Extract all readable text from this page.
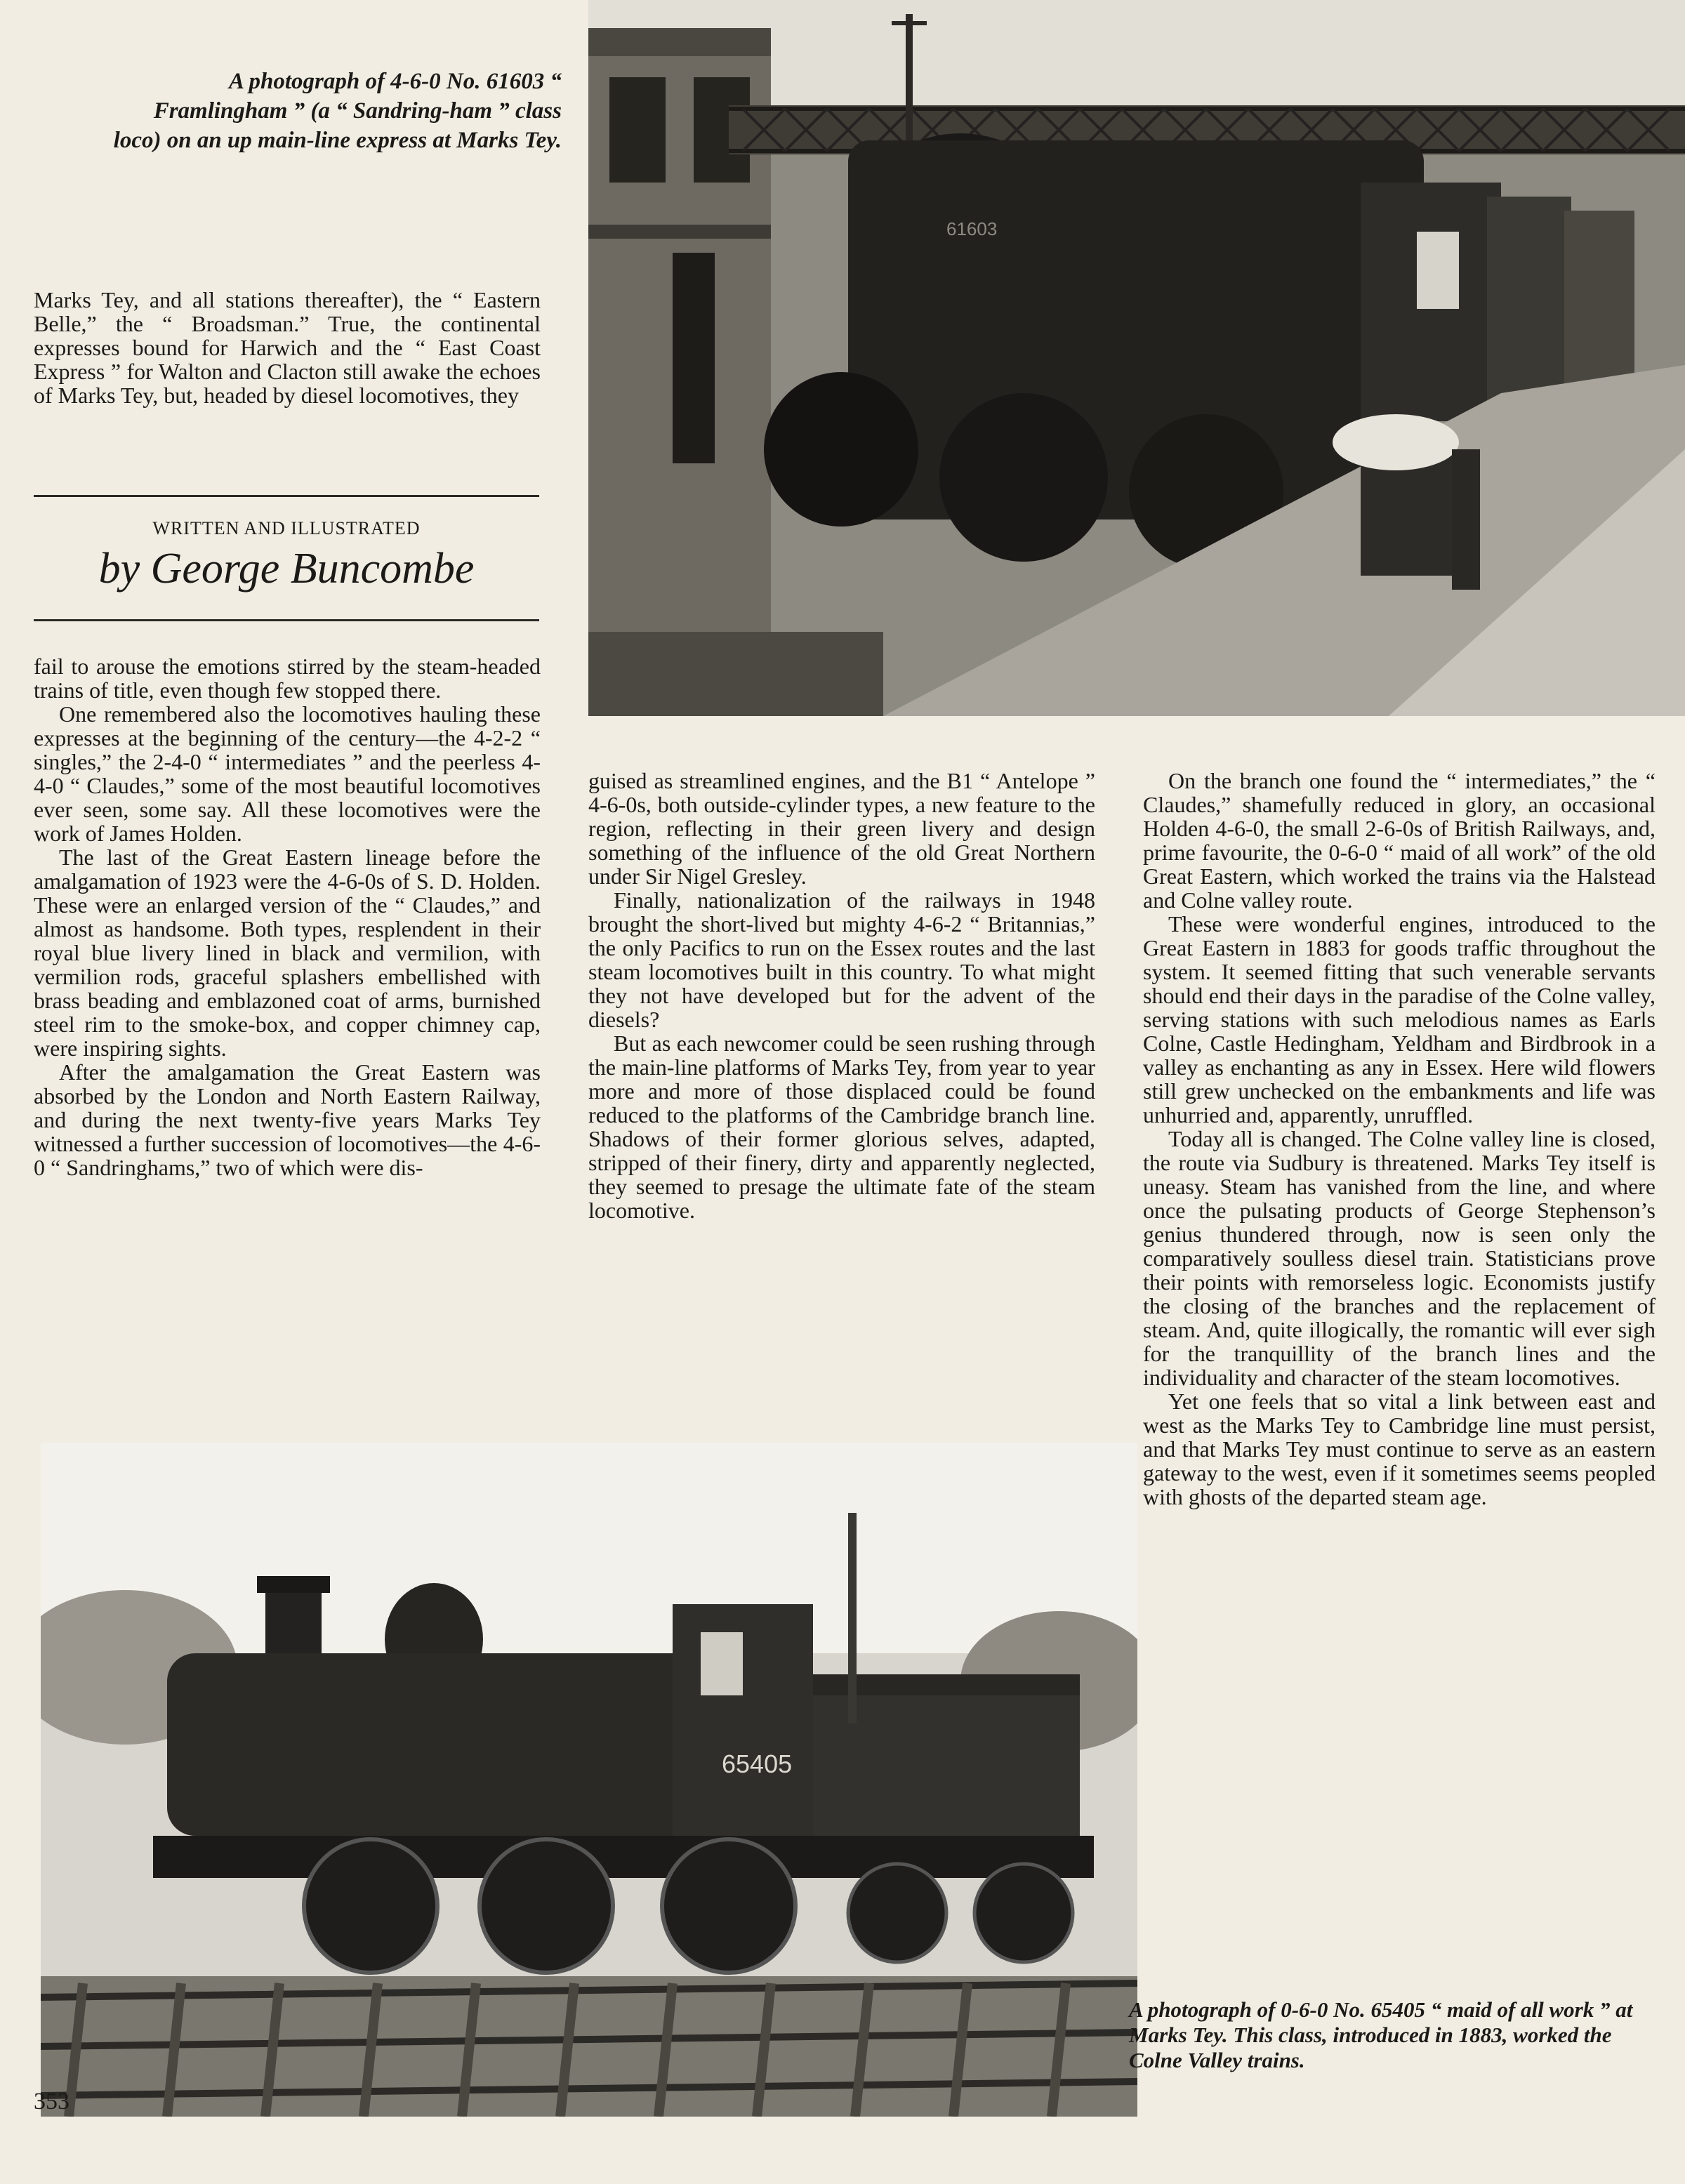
61603
A photograph of 4-6-0 No. 61603 “ Framlingham ” (a “ Sandring-ham ” class loco) on an up main-line express at Marks Tey.

Marks Tey, and all stations thereafter), the “ Eastern Belle,” the “ Broadsman.” True, the continental expresses bound for Harwich and the “ East Coast Express ” for Walton and Clacton still awake the echoes of Marks Tey, but, headed by diesel locomotives, they

WRITTEN AND ILLUSTRATED
by George Buncombe

fail to arouse the emotions stirred by the steam-headed trains of title, even though few stopped there.

One remembered also the locomotives hauling these expresses at the beginning of the century—the 4-2-2 “ singles,” the 2-4-0 “ intermediates ” and the peerless 4-4-0 “ Claudes,” some of the most beautiful locomotives ever seen, some say. All these locomotives were the work of James Holden.

The last of the Great Eastern lineage before the amalgamation of 1923 were the 4-6-0s of S. D. Holden. These were an enlarged version of the “ Claudes,” and almost as handsome. Both types, resplendent in their royal blue livery lined in black and vermilion, with vermilion rods, graceful splashers embellished with brass beading and emblazoned coat of arms, burnished steel rim to the smoke-box, and copper chimney cap, were inspiring sights.

After the amalgamation the Great Eastern was absorbed by the London and North Eastern Railway, and during the next twenty-five years Marks Tey witnessed a further succession of locomotives—the 4-6-0 “ Sandringhams,” two of which were dis-

guised as streamlined engines, and the B1 “ Antelope ” 4-6-0s, both outside-cylinder types, a new feature to the region, reflecting in their green livery and design something of the influence of the old Great Northern under Sir Nigel Gresley.

Finally, nationalization of the railways in 1948 brought the short-lived but mighty 4-6-2 “ Britannias,” the only Pacifics to run on the Essex routes and the last steam locomotives built in this country. To what might they not have developed but for the advent of the diesels?

But as each newcomer could be seen rushing through the main-line platforms of Marks Tey, from year to year more and more of those displaced could be found reduced to the platforms of the Cambridge branch line. Shadows of their former glorious selves, adapted, stripped of their finery, dirty and apparently neglected, they seemed to presage the ultimate fate of the steam locomotive.

On the branch one found the “ intermediates,” the “ Claudes,” shamefully reduced in glory, an occasional Holden 4-6-0, the small 2-6-0s of British Railways, and, prime favourite, the 0-6-0 “ maid of all work” of the old Great Eastern, which worked the trains via the Halstead and Colne valley route.

These were wonderful engines, introduced to the Great Eastern in 1883 for goods traffic throughout the system. It seemed fitting that such venerable servants should end their days in the paradise of the Colne valley, serving stations with such melodious names as Earls Colne, Castle Hedingham, Yeldham and Birdbrook in a valley as enchanting as any in Essex. Here wild flowers still grew unchecked on the embankments and life was unhurried and, apparently, unruffled.

Today all is changed. The Colne valley line is closed, the route via Sudbury is threatened. Marks Tey itself is uneasy. Steam has vanished from the line, and where once the pulsating products of George Stephenson’s genius thundered through, now is seen only the comparatively soulless diesel train. Statisticians prove their points with remorseless logic. Economists justify the closing of the branches and the replacement of steam. And, quite illogically, the romantic will ever sigh for the tranquillity of the branch lines and the individuality and character of the steam locomotives.

Yet one feels that so vital a link between east and west as the Marks Tey to Cambridge line must persist, and that Marks Tey must continue to serve as an eastern gateway to the west, even if it sometimes seems peopled with ghosts of the departed steam age.

65405
A photograph of 0-6-0 No. 65405 “ maid of all work ” at Marks Tey. This class, introduced in 1883, worked the Colne Valley trains.
353
